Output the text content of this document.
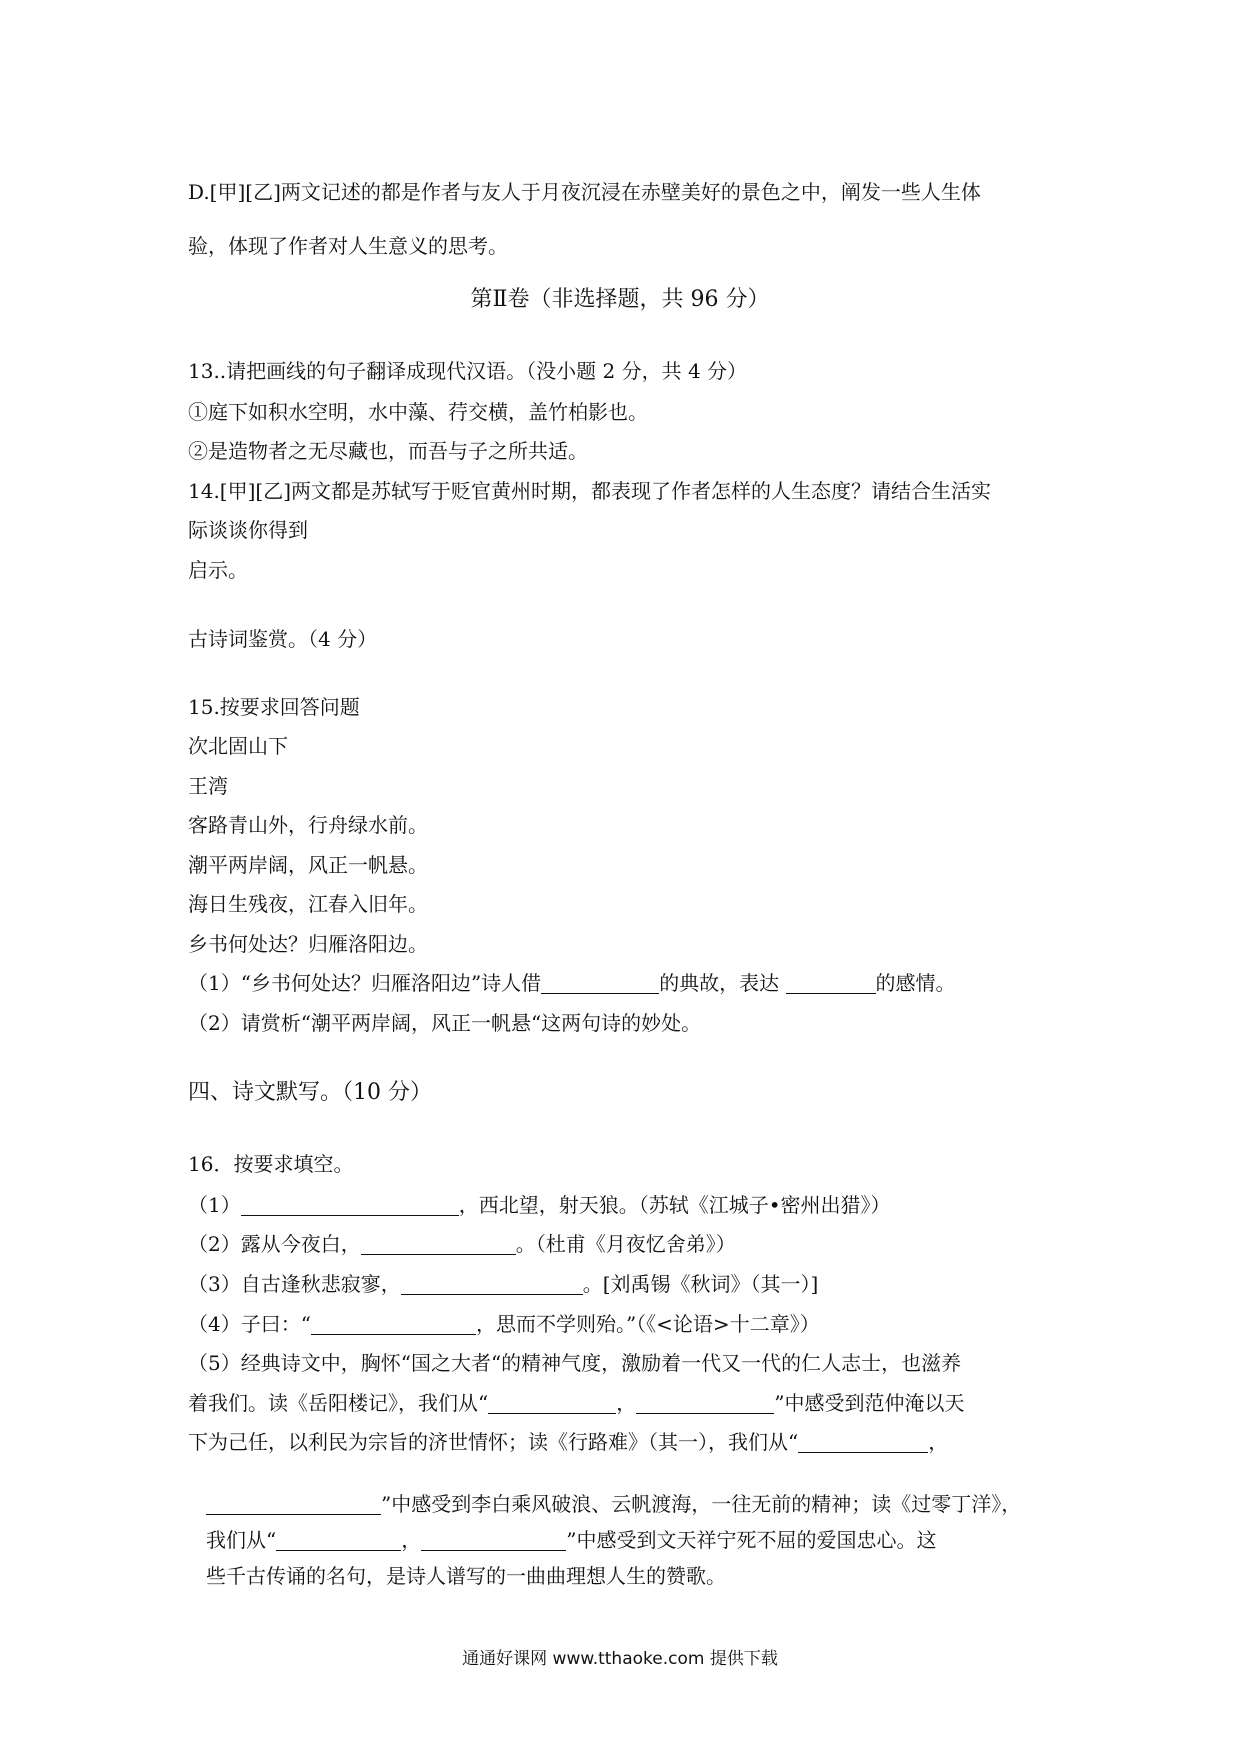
D.[甲][乙]两文记述的都是作者与友人于月夜沉浸在赤壁美好的景色之中，阐发一些人生体
验，体现了作者对人生意义的思考。
第Ⅱ卷（非选择题，共 96 分）
13..请把画线的句子翻译成现代汉语。（没小题 2 分，共 4 分）
①庭下如积水空明，水中藻、荇交横，盖竹柏影也。
②是造物者之无尽藏也，而吾与子之所共适。
14.[甲][乙]两文都是苏轼写于贬官黄州时期，都表现了作者怎样的人生态度？请结合生活实
际谈谈你得到
启示。
古诗词鉴赏。（4 分）
15.按要求回答问题
次北固山下
王湾
客路青山外，行舟绿水前。
潮平两岸阔，风正一帆悬。
海日生残夜，江春入旧年。
乡书何处达？归雁洛阳边。
（1）“乡书何处达？归雁洛阳边”诗人借	的典故，表达	的感情。
（2）请赏析“潮平两岸阔，风正一帆悬“这两句诗的妙处。
四、诗文默写。（10 分）
16．按要求填空。
（1）	，西北望，射天狼。（苏轼《江城子•密州出猎》）
（2）露从今夜白，	。（杜甫《月夜忆舍弟》）
（3）自古逢秋悲寂寥，	。[刘禹锡《秋词》（其一）]
（4）子曰：“	，思而不学则殆。”（《<论语>十二章》）
（5）经典诗文中，胸怀“国之大者“的精神气度，激励着一代又一代的仁人志士，也滋养
着我们。读《岳阳楼记》，我们从“	，	”中感受到范仲淹以天
下为己任，以利民为宗旨的济世情怀；读《行路难》（其一），我们从“	，
”中感受到李白乘风破浪、云帆渡海，一往无前的精神；读《过零丁洋》，
我们从“	，	”中感受到文天祥宁死不屈的爱国忠心。这
些千古传诵的名句，是诗人谱写的一曲曲理想人生的赞歌。
通通好课网 www.tthaoke.com 提供下载
